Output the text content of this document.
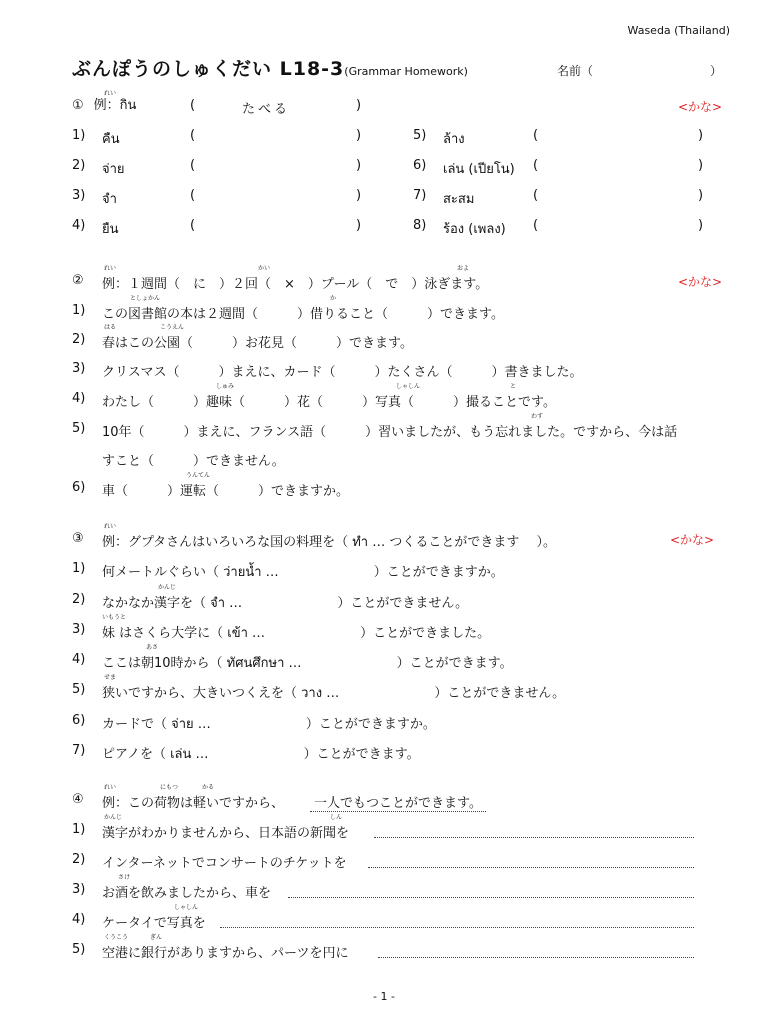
Waseda (Thailand)
ぶんぽうのしゅくだい L18-3(Grammar Homework)	名前（	）
れい
① 例：กิน	(	たべる	)	<かな>
1) คืน	(	)
2) จ่าย	(	)
3) จำ	(	)
4) ยืน	(	)
5) ล้าง	(	)
6) เล่น (เปียโน) (	)
7) สะสม	(	)
8) ร้อง (เพลง) (	)
<かな>
② 例：１週間（　に　）２回（　×　）プール（　で　）泳ぎます。
れい	かい	およ
1) この図書館の本は２週間（　　　）借りること（　　　）できます。
としょかん	か
2) 春はこの公園（　　　）お花見（　　　）できます。
はる	こうえん
3) クリスマス（　　　）まえに、カード（　　　）たくさん（　　　）書きました。
4) わたし（　　　）趣味（　　　）花（　　　）写真（　　　）撮ることです。
しゅみ	しゃしん	と
5) 10年（　　　）まえに、フランス語（　　　）習いましたが、もう忘れました。ですから、今は話
わす
すこと（　　　）できません。
6) 車（　　　）運転（　　　）できますか。
うんてん
<かな>
③ 例：グプタさんはいろいろな国の料理を（ ทำ … つくることができます　 ）。
れい
1) 何メートルぐらい（ ว่ายน้ำ …　　　　　　　 ）ことができますか。
2) なかなか漢字を（ จำ …　　　　　　　 ）ことができません。
かんじ
3) 妹 はさくら大学に（ เข้า …　　　　　　　 ）ことができました。
いもうと
4) ここは朝10時から（ ทัศนศึกษา …　　　　　　　 ）ことができます。
あさ
5) 狭いですから、大きいつくえを（ วาง …　　　　　　　 ）ことができません。
せま
6) カードで（ จ่าย …　　　　　　　 ）ことができますか。
7) ピアノを（ เล่น …　　　　　　　 ）ことができます。
④ 例：この荷物は軽いですから、	一人でもつことができます。
れい	にもつ	かる
1) 漢字がわかりませんから、日本語の新聞を
かんじ	しん
2) インターネットでコンサートのチケットを
3) お酒を飲みましたから、車を
さけ
4) ケータイで写真を
しゃしん
5) 空港に銀行がありますから、パーツを円に
くうこう	ぎん
- 1 -
